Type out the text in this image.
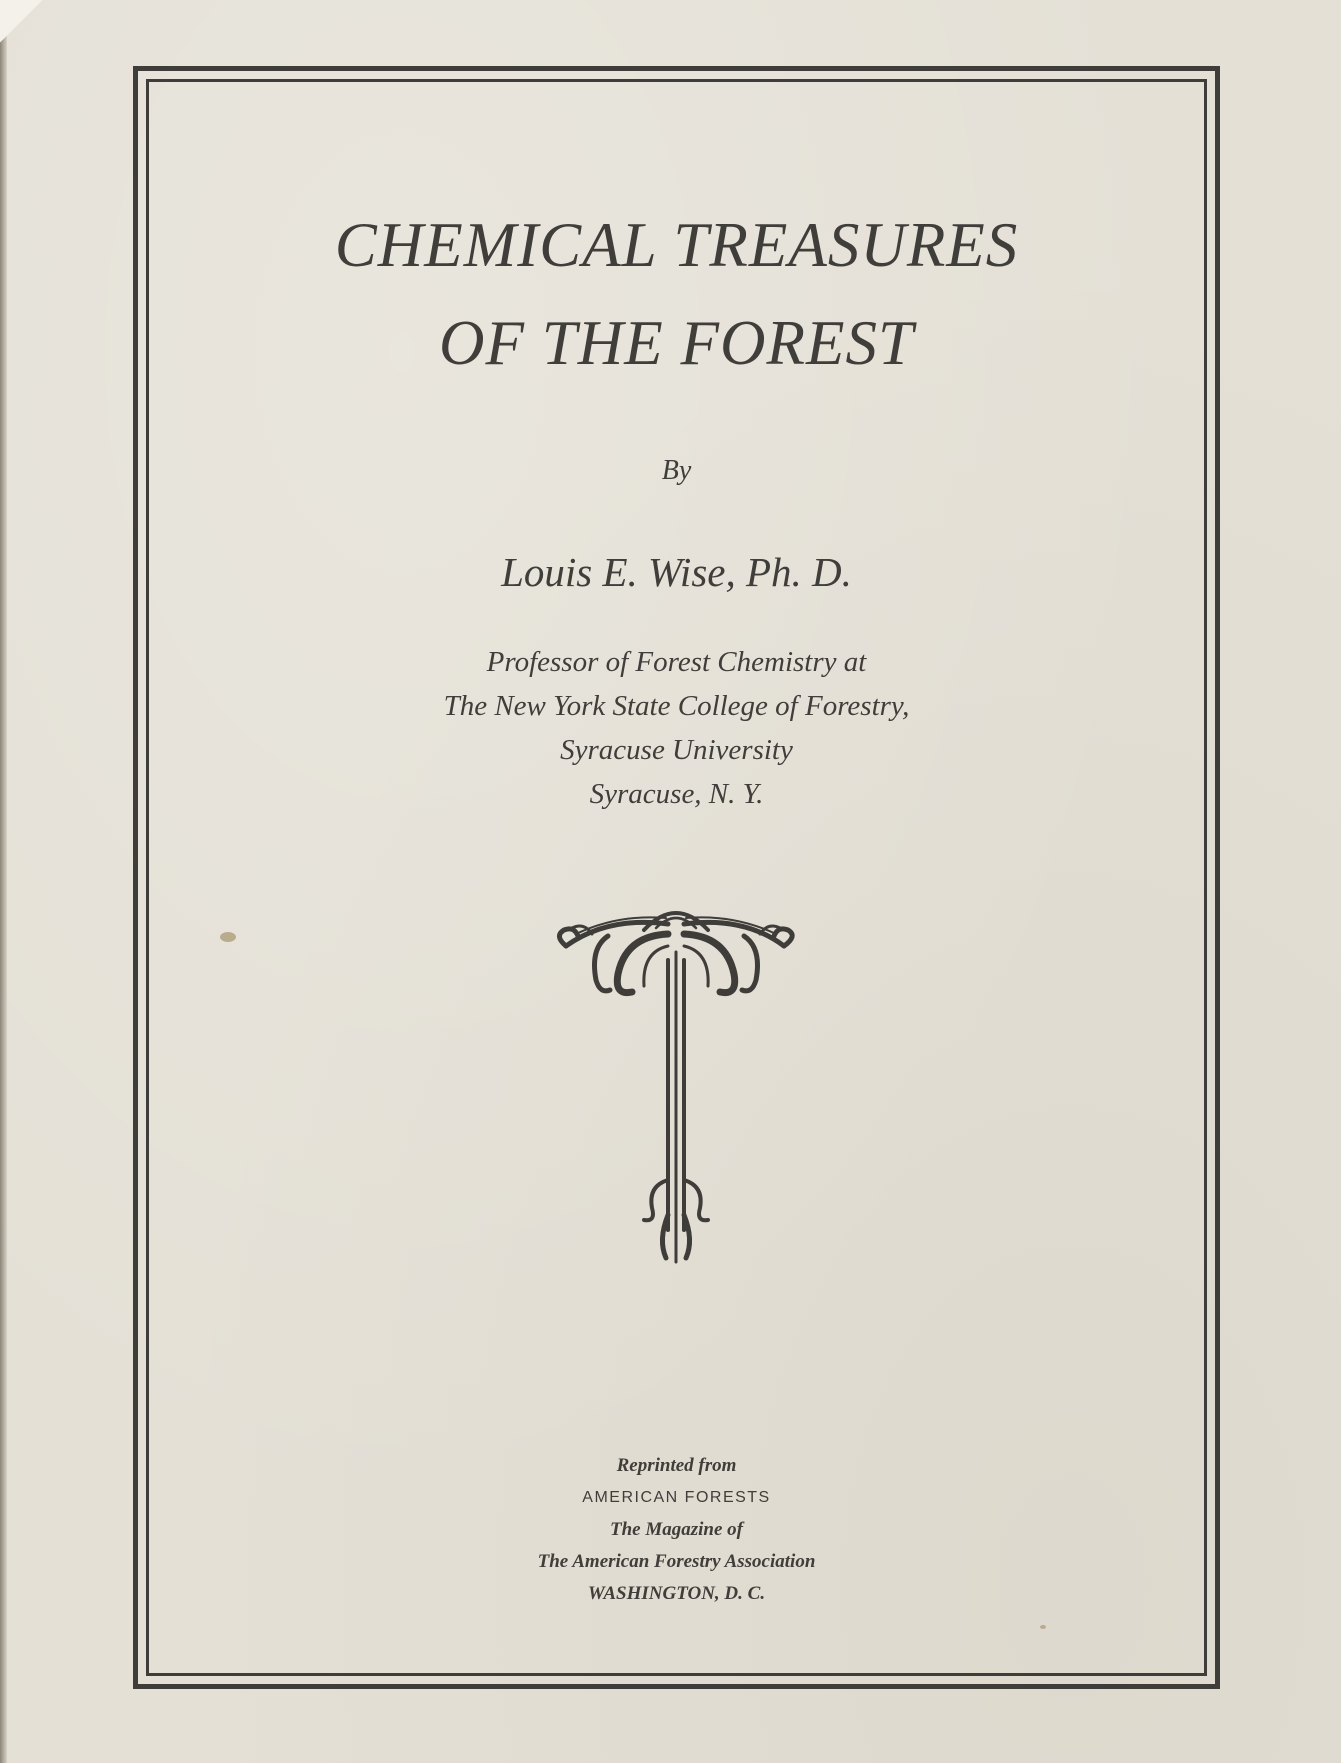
CHEMICAL TREASURES
OF THE FOREST
By
Louis E. Wise, Ph. D.
Professor of Forest Chemistry at
The New York State College of Forestry,
Syracuse University
Syracuse, N. Y.
Reprinted from
AMERICAN FORESTS
The Magazine of
The American Forestry Association
WASHINGTON, D. C.
